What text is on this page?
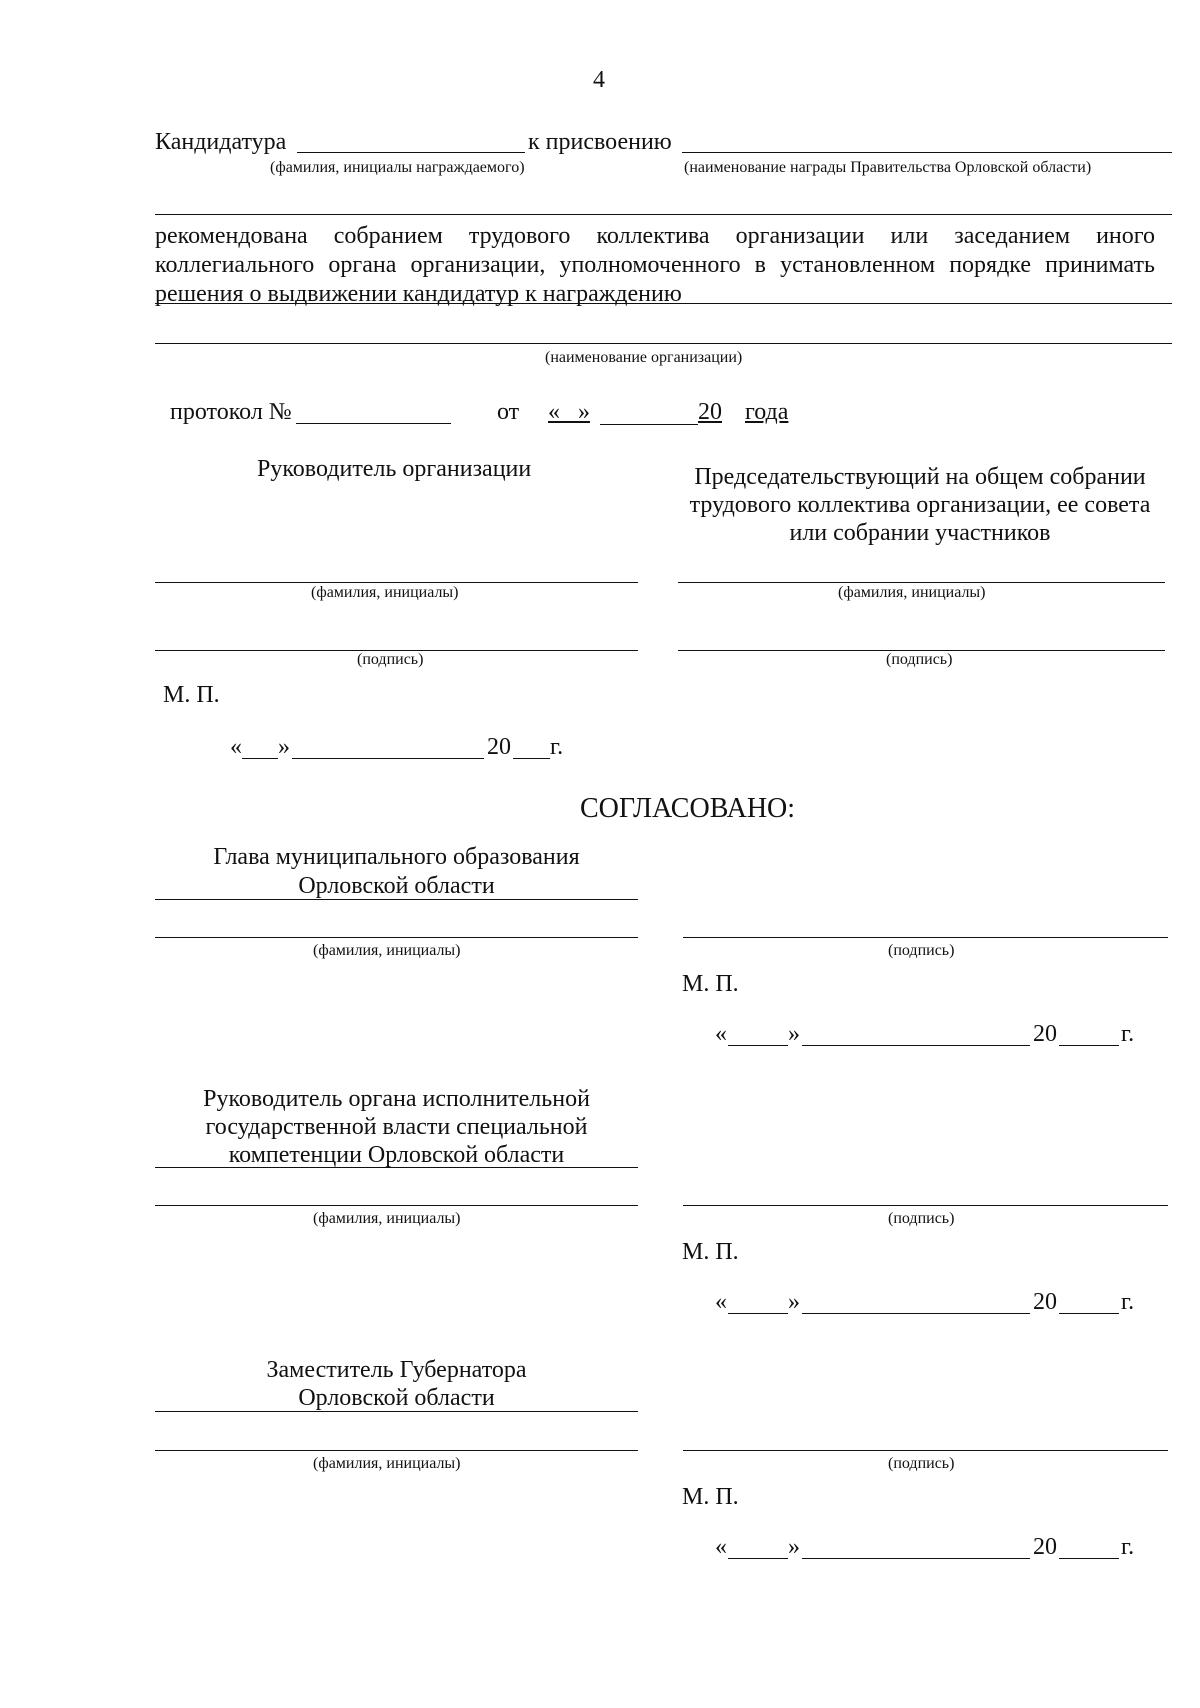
4
Кандидатура	к присвоению
(фамилия, инициалы награждаемого)	(наименование награды Правительства Орловской области)
рекомендована собранием трудового коллектива организации или заседанием иного коллегиального органа организации, уполномоченного в установленном порядке принимать решения о выдвижении кандидатур к награждению
(наименование организации)
протокол №	от «   »	20 года
Руководитель организации	Председательствующий на общем собрании трудового коллектива организации, ее совета или собрании участников
(фамилия, инициалы)	(фамилия, инициалы)
(подпись)	(подпись)
М. П.
« »	20 г.
СОГЛАСОВАНО:
Глава муниципального образования
Орловской области
(фамилия, инициалы)	(подпись)
М. П.
«	»	20	г.
Руководитель органа исполнительной
государственной власти специальной
компетенции Орловской области
(фамилия, инициалы)	(подпись)
М. П.
«	»	20	г.
Заместитель Губернатора
Орловской области
(фамилия, инициалы)	(подпись)
М. П.
«	»	20	г.
